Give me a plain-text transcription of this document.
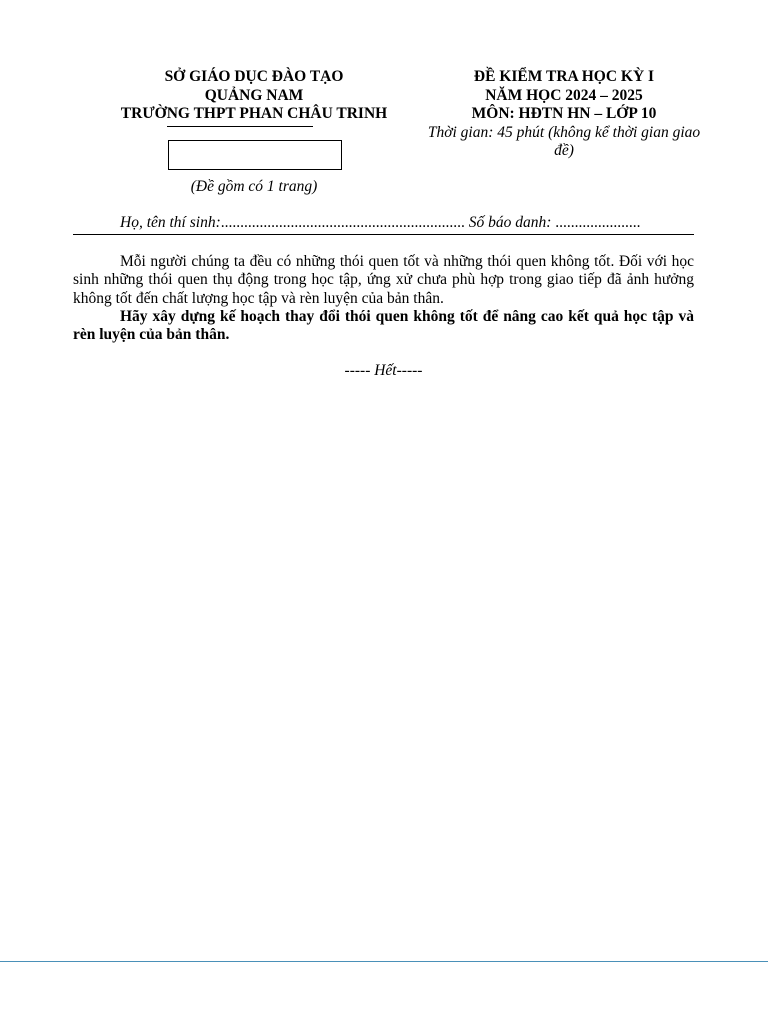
SỞ GIÁO DỤC ĐÀO TẠO
QUẢNG NAM
TRƯỜNG THPT PHAN CHÂU TRINH
(Đề gồm có 1 trang)
ĐỀ KIỂM TRA HỌC KỲ I
NĂM HỌC 2024 – 2025
MÔN: HĐTN HN – LỚP 10
Thời gian: 45 phút (không kể thời gian giao đề)
Họ, tên thí sinh:............................................................... Số báo danh: ......................

Mỗi người chúng ta đều có những thói quen tốt và những thói quen không tốt. Đối với học sinh những thói quen thụ động trong học tập, ứng xử chưa phù hợp trong giao tiếp đã ảnh hưởng không tốt đến chất lượng học tập và rèn luyện của bản thân.

Hãy xây dựng kế hoạch thay đổi thói quen không tốt để nâng cao kết quả học tập và rèn luyện của bản thân.

----- Hết-----
